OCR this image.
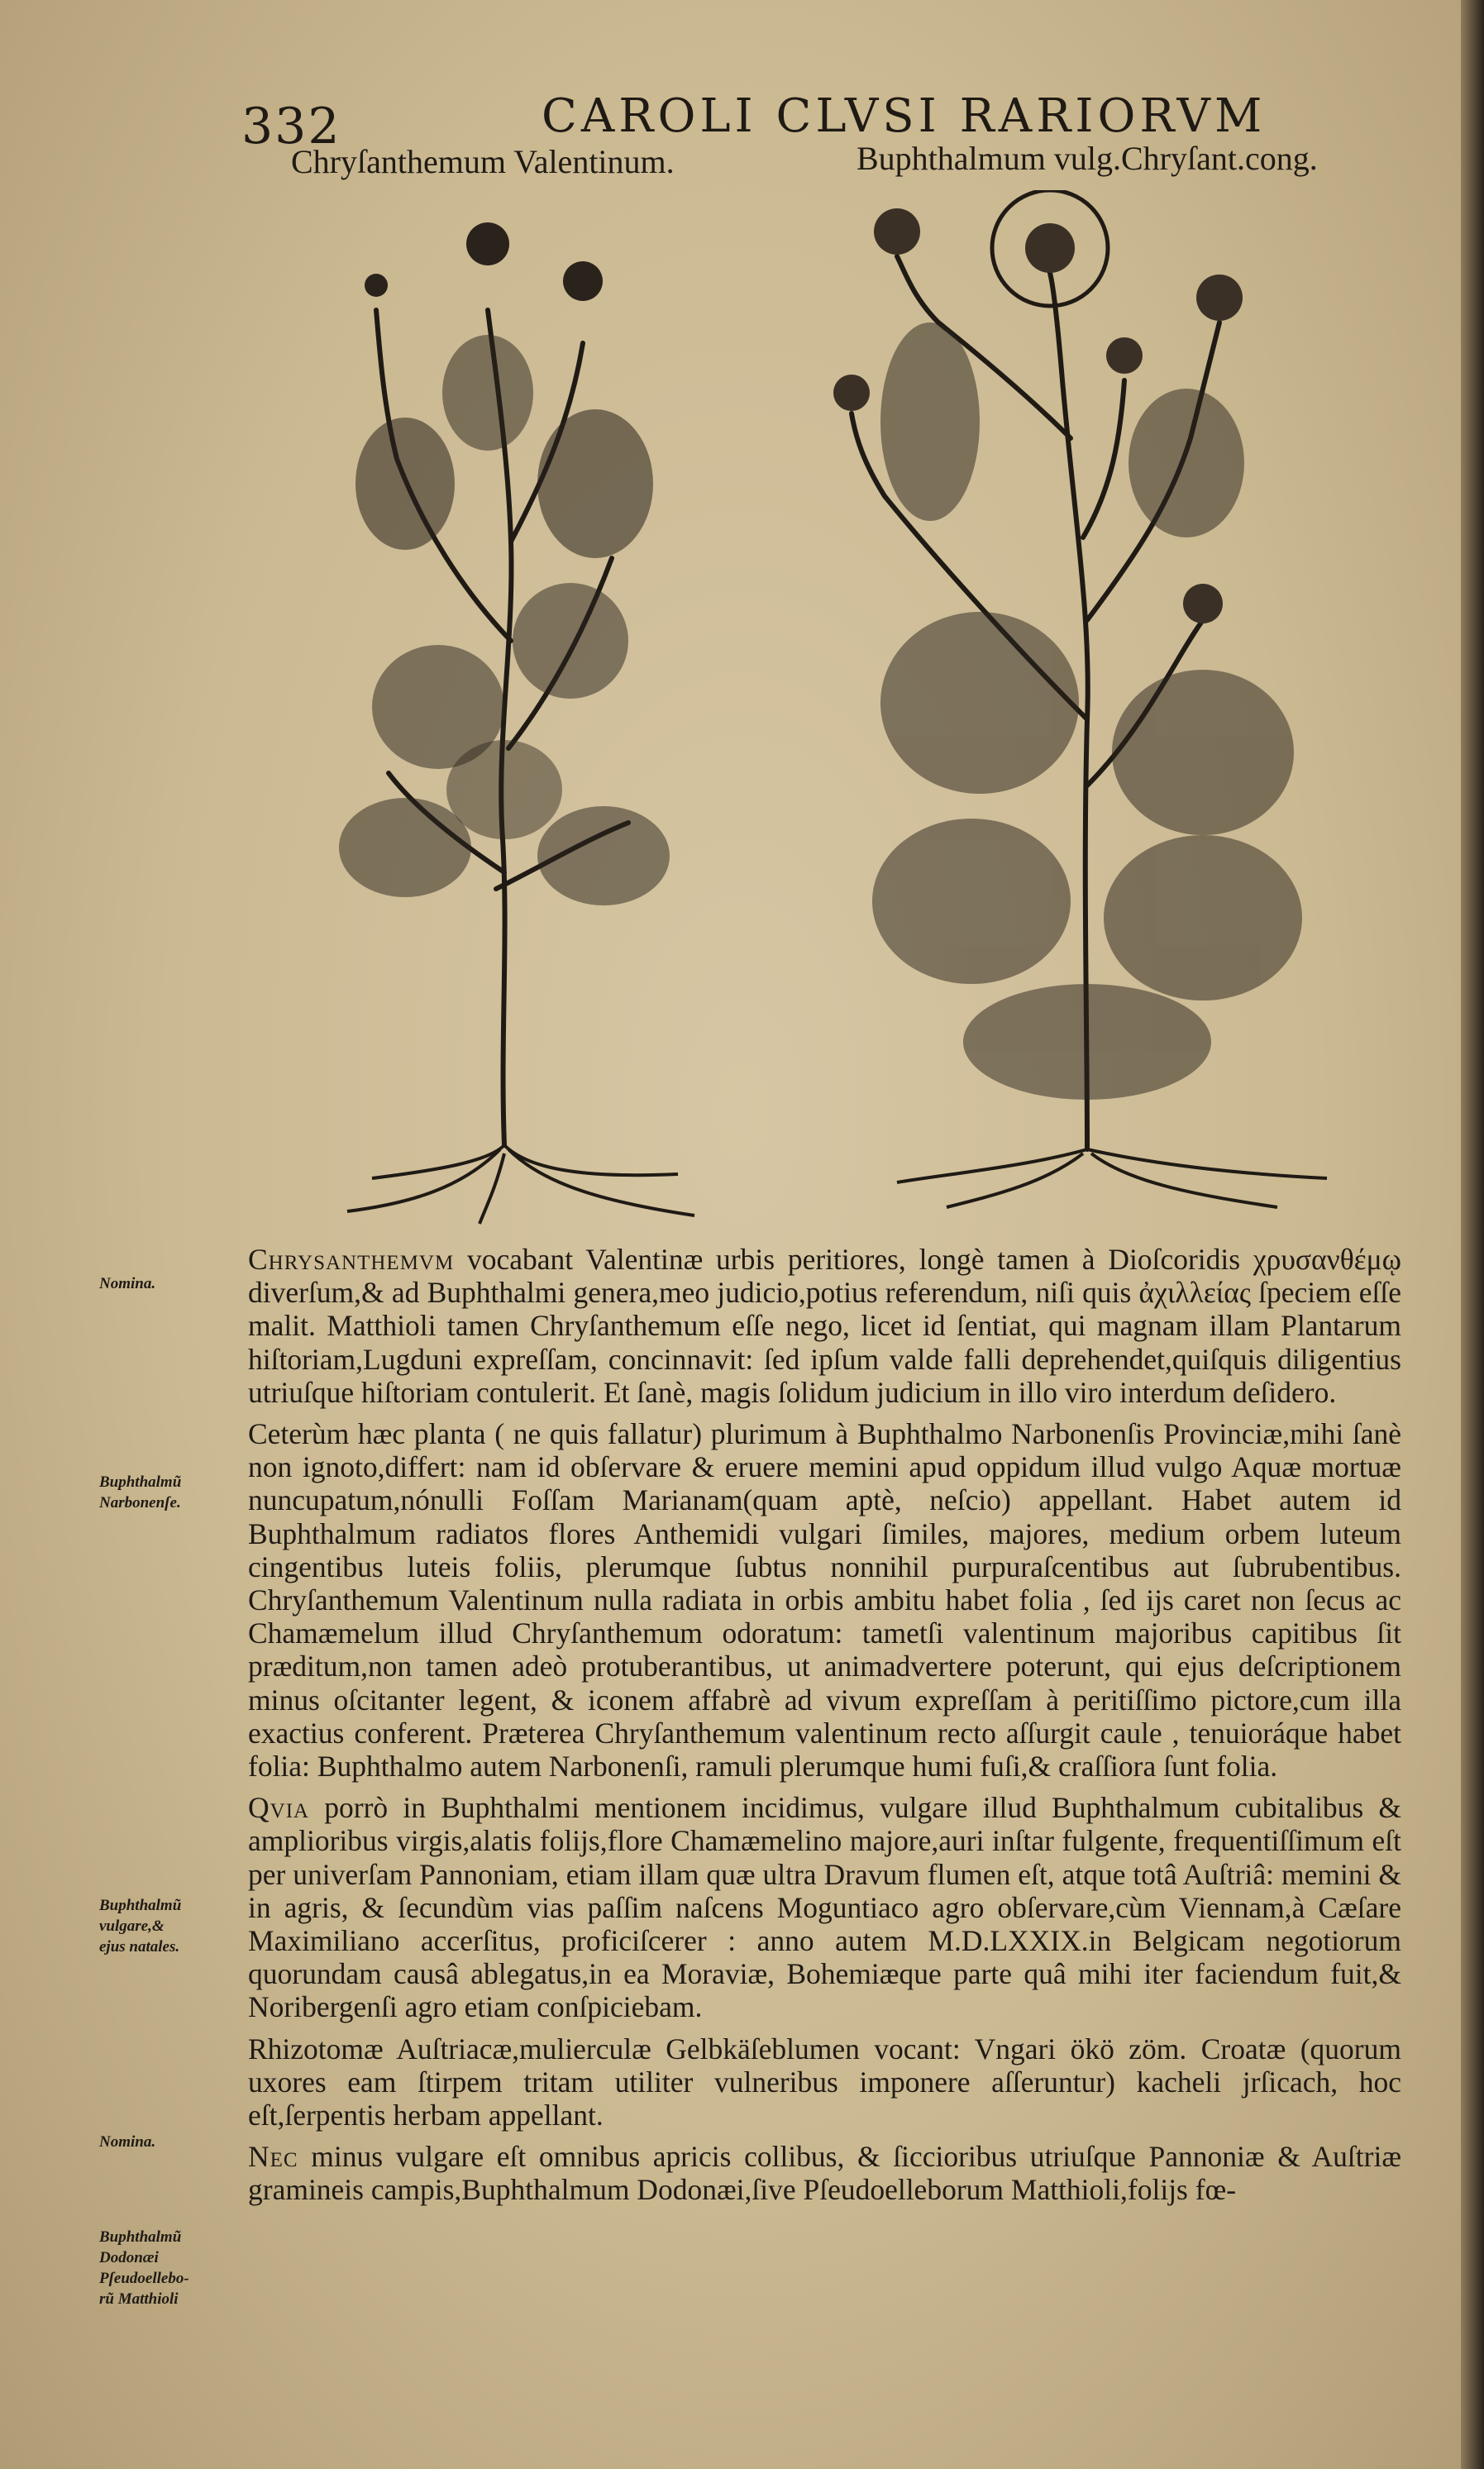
332	CAROLI CLVSI RARIORVM
Chryſanthemum Valentinum.	Buphthalmum vulg.Chryſant.cong.
Nomina.
Buphthalmũ
Narbonenſe.
Buphthalmũ
vulgare,&
ejus natales.
Nomina.
Buphthalmũ
Dodonæi
Pſeudoellebo-
rũ Matthioli

Chrysanthemvm vocabant Valentinæ urbis peritiores, longè tamen à Dioſcoridis χρυσανθέμῳ diverſum,& ad Buphthalmi genera,meo judicio,potius referendum, niſi quis ἀχιλλείας ſpeciem eſſe malit. Matthioli tamen Chryſanthemum eſſe nego, licet id ſentiat, qui magnam illam Plantarum hiſtoriam,Lugduni expreſſam, concinnavit: ſed ipſum valde falli deprehendet,quiſquis diligentius utriuſque hiſtoriam contulerit. Et ſanè, magis ſolidum judicium in illo viro interdum deſidero.

Ceterùm hæc planta ( ne quis fallatur) plurimum à Buphthalmo Narbonenſis Provinciæ,mihi ſanè non ignoto,differt: nam id obſervare & eruere memini apud oppidum illud vulgo Aquæ mortuæ nuncupatum,nónulli Foſſam Marianam(quam aptè, neſcio) appellant. Habet autem id Buphthalmum radiatos flores Anthemidi vulgari ſimiles, majores, medium orbem luteum cingentibus luteis foliis, plerumque ſubtus nonnihil purpuraſcentibus aut ſubrubentibus. Chryſanthemum Valentinum nulla radiata in orbis ambitu habet folia , ſed ijs caret non ſecus ac Chamæmelum illud Chryſanthemum odoratum: tametſi valentinum majoribus capitibus ſit præditum,non tamen adeò protuberantibus, ut animadvertere poterunt, qui ejus deſcriptionem minus oſcitanter legent, & iconem affabrè ad vivum expreſſam à peritiſſimo pictore,cum illa exactius conferent. Præterea Chryſanthemum valentinum recto aſſurgit caule , tenuioráque habet folia: Buphthalmo autem Narbonenſi, ramuli plerumque humi fuſi,& craſſiora ſunt folia.

Qvia porrò in Buphthalmi mentionem incidimus, vulgare illud Buphthalmum cubitalibus & amplioribus virgis,alatis folijs,flore Chamæmelino majore,auri inſtar fulgente, frequentiſſimum eſt per univerſam Pannoniam, etiam illam quæ ultra Dravum flumen eſt, atque totâ Auſtriâ: memini & in agris, & ſecundùm vias paſſim naſcens Moguntiaco agro obſervare,cùm Viennam,à Cæſare Maximiliano accerſitus, proficiſcerer : anno autem M.D.LXXIX.in Belgicam negotiorum quorundam causâ ablegatus,in ea Moraviæ, Bohemiæque parte quâ mihi iter faciendum fuit,& Noribergenſi agro etiam conſpiciebam.

Rhizotomæ Auſtriacæ,mulierculæ Gelbkäſeblumen vocant: Vngari ökö zöm. Croatæ (quorum uxores eam ſtirpem tritam utiliter vulneribus imponere aſſeruntur) kacheli jrſicach, hoc eſt,ſerpentis herbam appellant.

Nec minus vulgare eſt omnibus apricis collibus, & ſiccioribus utriuſque Pannoniæ & Auſtriæ gramineis campis,Buphthalmum Dodonæi,ſive Pſeudoelleborum Matthioli,folijs fœ-
